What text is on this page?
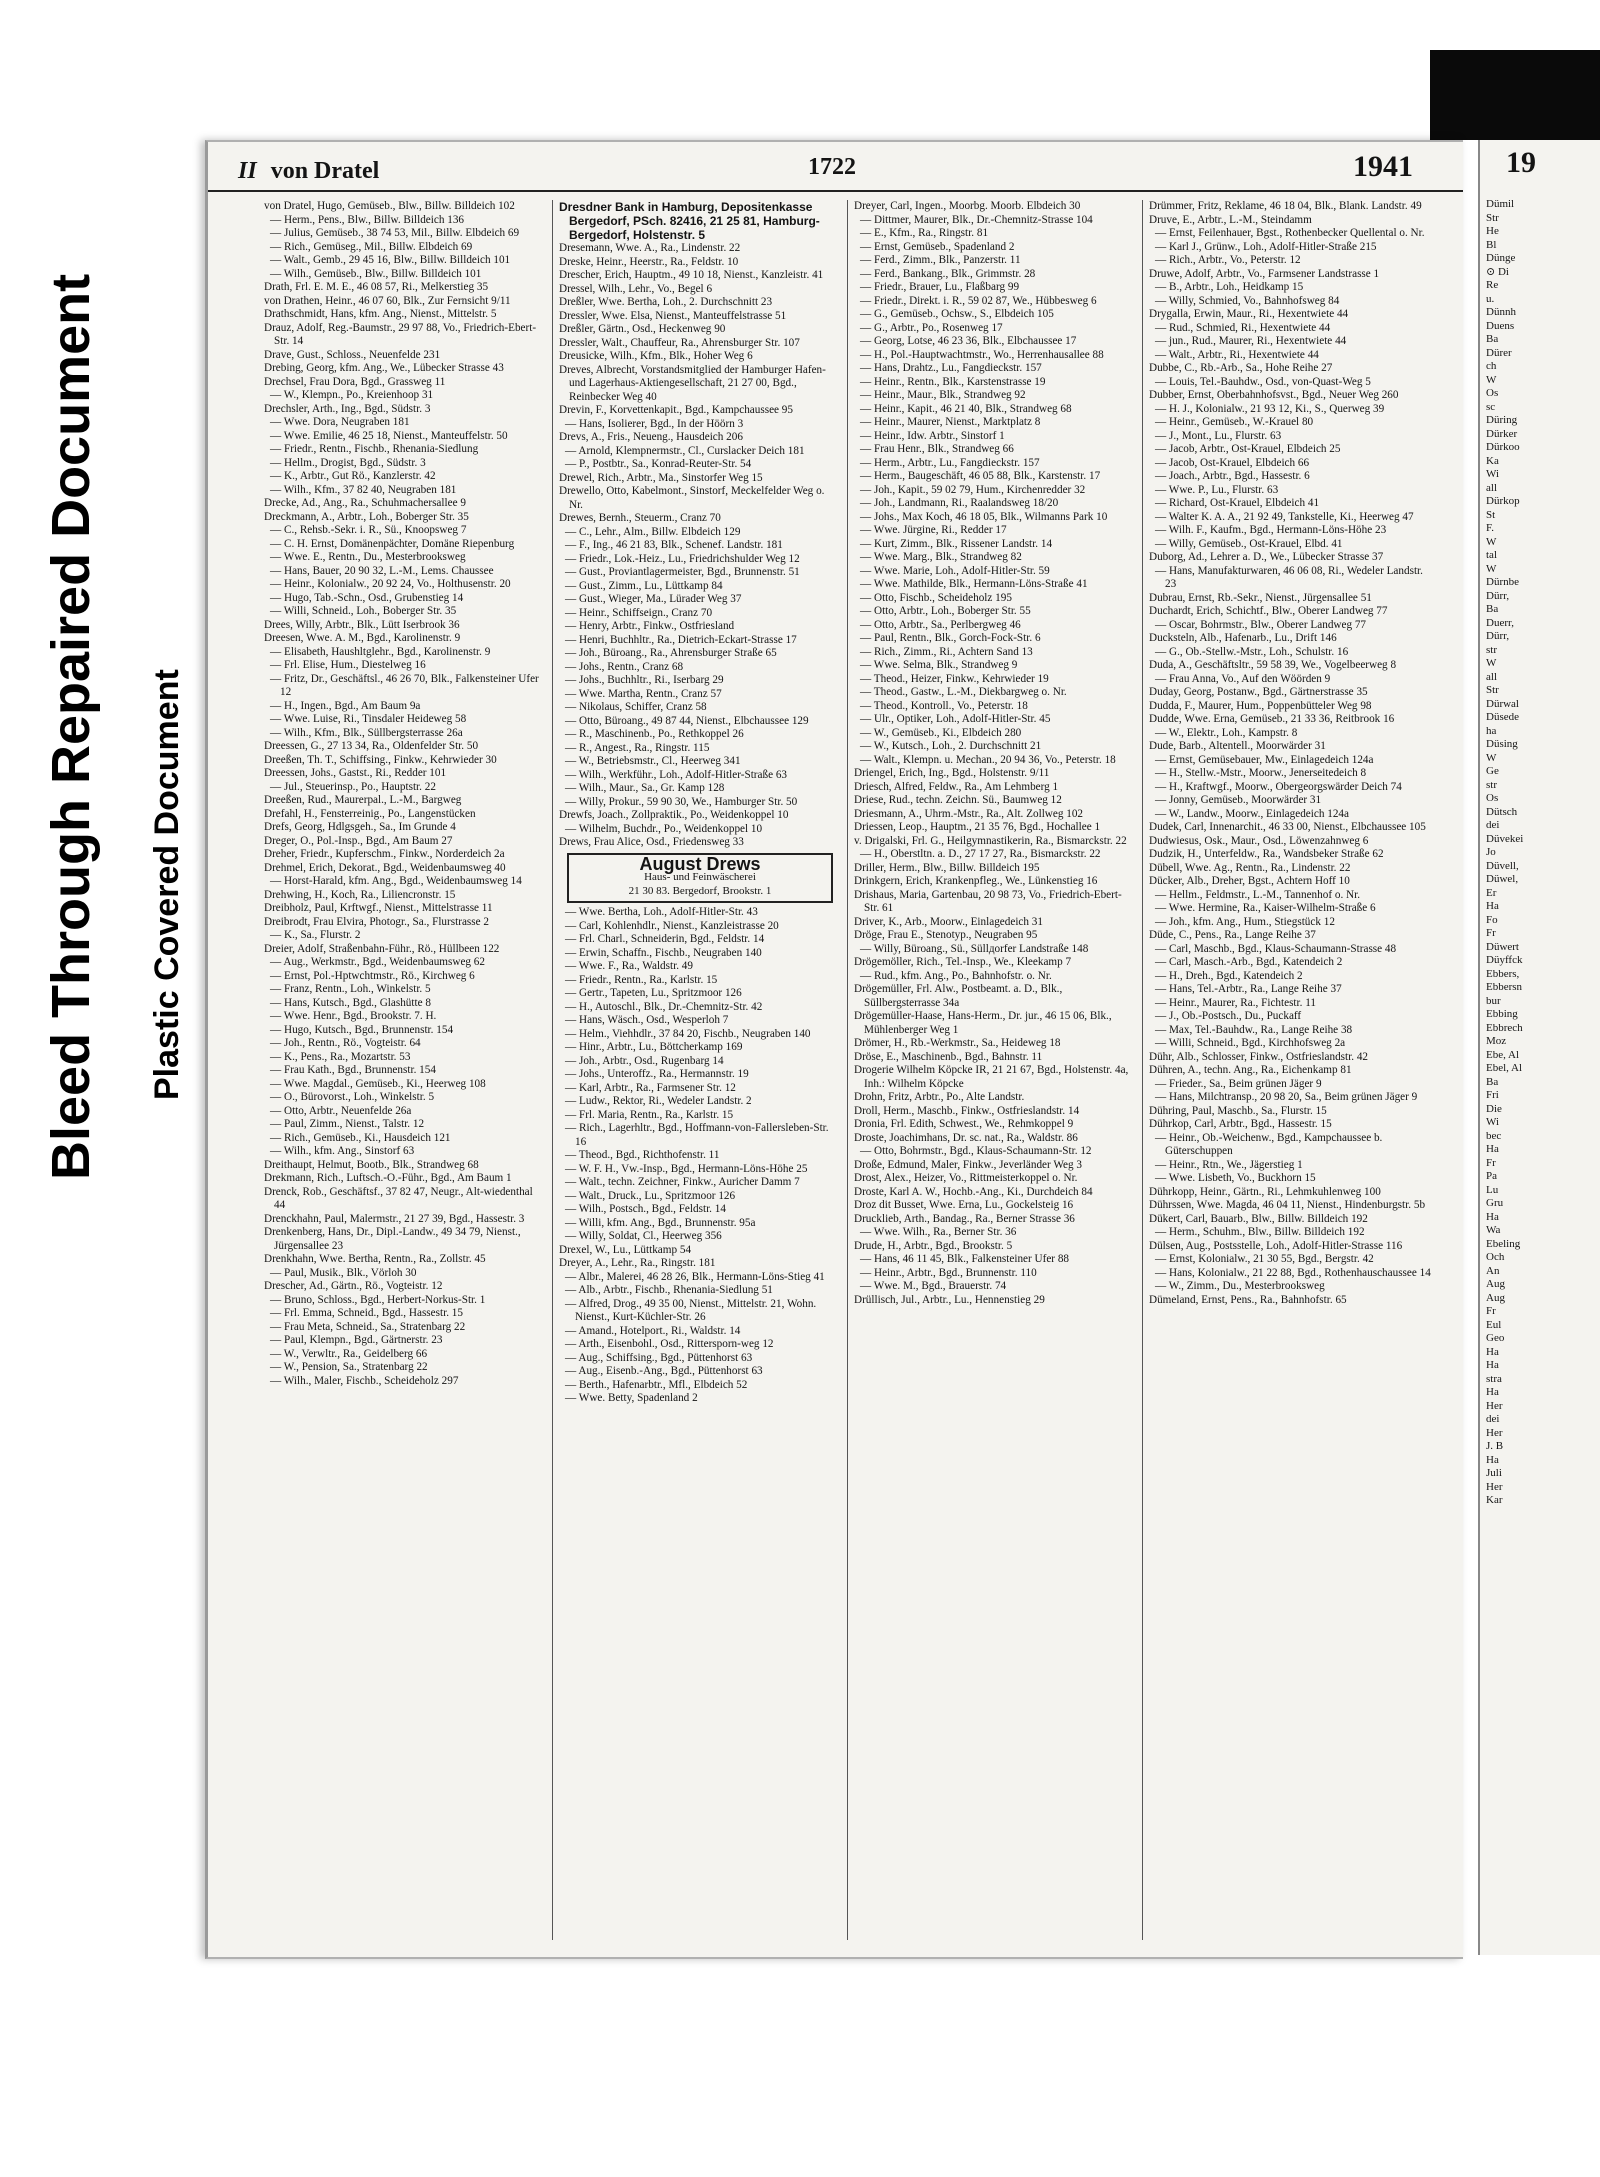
Bleed Through Repaired Document Plastic Covered Document
II von Dratel	1722	1941

von Dratel, Hugo, Gemüseb., Blw., Billw. Billdeich 102

— Herm., Pens., Blw., Billw. Billdeich 136

— Julius, Gemüseb., 38 74 53, Mil., Billw. Elbdeich 69

— Rich., Gemüseg., Mil., Billw. Elbdeich 69

— Walt., Gemb., 29 45 16, Blw., Billw. Billdeich 101

— Wilh., Gemüseb., Blw., Billw. Billdeich 101

Drath, Frl. E. M. E., 46 08 57, Ri., Melkerstieg 35

von Drathen, Heinr., 46 07 60, Blk., Zur Fernsicht 9/11

Drathschmidt, Hans, kfm. Ang., Nienst., Mittelstr. 5

Drauz, Adolf, Reg.-Baumstr., 29 97 88, Vo., Friedrich-Ebert-Str. 14

Drave, Gust., Schloss., Neuenfelde 231

Drebing, Georg, kfm. Ang., We., Lübecker Strasse 43

Drechsel, Frau Dora, Bgd., Grassweg 11

— W., Klempn., Po., Kreienhoop 31

Drechsler, Arth., Ing., Bgd., Südstr. 3

— Wwe. Dora, Neugraben 181

— Wwe. Emilie, 46 25 18, Nienst., Manteuffelstr. 50

— Friedr., Rentn., Fischb., Rhenania-Siedlung

— Hellm., Drogist, Bgd., Südstr. 3

— K., Arbtr., Gut Rö., Kanzlerstr. 42

— Wilh., Kfm., 37 82 40, Neugraben 181

Drecke, Ad., Ang., Ra., Schuhmachersallee 9

Dreckmann, A., Arbtr., Loh., Boberger Str. 35

— C., Rehsb.-Sekr. i. R., Sü., Knoopsweg 7

— C. H. Ernst, Domänenpächter, Domäne Riepenburg

— Wwe. E., Rentn., Du., Mesterbrooksweg

— Hans, Bauer, 20 90 32, L.-M., Lems. Chaussee

— Heinr., Kolonialw., 20 92 24, Vo., Holthusenstr. 20

— Hugo, Tab.-Schn., Osd., Grubenstieg 14

— Willi, Schneid., Loh., Boberger Str. 35

Drees, Willy, Arbtr., Blk., Lütt Iserbrook 36

Dreesen, Wwe. A. M., Bgd., Karolinenstr. 9

— Elisabeth, Haushltglehr., Bgd., Karolinenstr. 9

— Frl. Elise, Hum., Diestelweg 16

— Fritz, Dr., Geschäftsl., 46 26 70, Blk., Falkensteiner Ufer 12

— H., Ingen., Bgd., Am Baum 9a

— Wwe. Luise, Ri., Tinsdaler Heideweg 58

— Wilh., Kfm., Blk., Süllbergsterrasse 26a

Dreessen, G., 27 13 34, Ra., Oldenfelder Str. 50

Dreeßen, Th. T., Schiffsing., Finkw., Kehrwieder 30

Dreessen, Johs., Gastst., Ri., Redder 101

— Jul., Steuerinsp., Po., Hauptstr. 22

Dreeßen, Rud., Maurerpal., L.-M., Bargweg

Drefahl, H., Fensterreinig., Po., Langenstücken

Drefs, Georg, Hdlgsgeh., Sa., Im Grunde 4

Dreger, O., Pol.-Insp., Bgd., Am Baum 27

Dreher, Friedr., Kupferschm., Finkw., Norderdeich 2a

Drehmel, Erich, Dekorat., Bgd., Weidenbaumsweg 40

— Horst-Harald, kfm. Ang., Bgd., Weidenbaumsweg 14

Drehwing, H., Koch, Ra., Liliencronstr. 15

Dreibholz, Paul, Krftwgf., Nienst., Mittelstrasse 11

Dreibrodt, Frau Elvira, Photogr., Sa., Flurstrasse 2

— K., Sa., Flurstr. 2

Dreier, Adolf, Straßenbahn-Führ., Rö., Hüllbeen 122

— Aug., Werkmstr., Bgd., Weidenbaumsweg 62

— Ernst, Pol.-Hptwchtmstr., Rö., Kirchweg 6

— Franz, Rentn., Loh., Winkelstr. 5

— Hans, Kutsch., Bgd., Glashütte 8

— Wwe. Henr., Bgd., Brookstr. 7. H.

— Hugo, Kutsch., Bgd., Brunnenstr. 154

— Joh., Rentn., Rö., Vogteistr. 64

— K., Pens., Ra., Mozartstr. 53

— Frau Kath., Bgd., Brunnenstr. 154

— Wwe. Magdal., Gemüseb., Ki., Heerweg 108

— O., Bürovorst., Loh., Winkelstr. 5

— Otto, Arbtr., Neuenfelde 26a

— Paul, Zimm., Nienst., Talstr. 12

— Rich., Gemüseb., Ki., Hausdeich 121

— Wilh., kfm. Ang., Sinstorf 63

Dreithaupt, Helmut, Bootb., Blk., Strandweg 68

Drekmann, Rich., Luftsch.-O.-Führ., Bgd., Am Baum 1

Drenck, Rob., Geschäftsf., 37 82 47, Neugr., Alt-wiedenthal 44

Drenckhahn, Paul, Malermstr., 21 27 39, Bgd., Hassestr. 3

Drenkenberg, Hans, Dr., Dipl.-Landw., 49 34 79, Nienst., Jürgensallee 23

Drenkhahn, Wwe. Bertha, Rentn., Ra., Zollstr. 45

— Paul, Musik., Blk., Vörloh 30

Drescher, Ad., Gärtn., Rö., Vogteistr. 12

— Bruno, Schloss., Bgd., Herbert-Norkus-Str. 1

— Frl. Emma, Schneid., Bgd., Hassestr. 15

— Frau Meta, Schneid., Sa., Stratenbarg 22

— Paul, Klempn., Bgd., Gärtnerstr. 23

— W., Verwltr., Ra., Geidelberg 66

— W., Pension, Sa., Stratenbarg 22

— Wilh., Maler, Fischb., Scheideholz 297

Dresdner Bank in Hamburg, Depositenkasse Bergedorf, PSch. 82416, 21 25 81, Hamburg-Bergedorf, Holstenstr. 5

Dresemann, Wwe. A., Ra., Lindenstr. 22

Dreske, Heinr., Heerstr., Ra., Feldstr. 10

Drescher, Erich, Hauptm., 49 10 18, Nienst., Kanzleistr. 41

Dressel, Wilh., Lehr., Vo., Begel 6

Dreßler, Wwe. Bertha, Loh., 2. Durchschnitt 23

Dressler, Wwe. Elsa, Nienst., Manteuffelstrasse 51

Dreßler, Gärtn., Osd., Heckenweg 90

Dressler, Walt., Chauffeur, Ra., Ahrensburger Str. 107

Dreusicke, Wilh., Kfm., Blk., Hoher Weg 6

Dreves, Albrecht, Vorstandsmitglied der Hamburger Hafen- und Lagerhaus-Aktiengesellschaft, 21 27 00, Bgd., Reinbecker Weg 40

Drevin, F., Korvettenkapit., Bgd., Kampchaussee 95

— Hans, Isolierer, Bgd., In der Höörn 3

Drevs, A., Fris., Neueng., Hausdeich 206

— Arnold, Klempnermstr., Cl., Curslacker Deich 181

— P., Postbtr., Sa., Konrad-Reuter-Str. 54

Drewel, Rich., Arbtr., Ma., Sinstorfer Weg 15

Drewello, Otto, Kabelmont., Sinstorf, Meckelfelder Weg o. Nr.

Drewes, Bernh., Steuerm., Cranz 70

— C., Lehr., Alm., Billw. Elbdeich 129

— F., Ing., 46 21 83, Blk., Schenef. Landstr. 181

— Friedr., Lok.-Heiz., Lu., Friedrichshulder Weg 12

— Gust., Proviantlagermeister, Bgd., Brunnenstr. 51

— Gust., Zimm., Lu., Lüttkamp 84

— Gust., Wieger, Ma., Lürader Weg 37

— Heinr., Schiffseign., Cranz 70

— Henry, Arbtr., Finkw., Ostfriesland

— Henri, Buchhltr., Ra., Dietrich-Eckart-Strasse 17

— Joh., Büroang., Ra., Ahrensburger Straße 65

— Johs., Rentn., Cranz 68

— Johs., Buchhltr., Ri., Iserbarg 29

— Wwe. Martha, Rentn., Cranz 57

— Nikolaus, Schiffer, Cranz 58

— Otto, Büroang., 49 87 44, Nienst., Elbchaussee 129

— R., Maschinenb., Po., Rethkoppel 26

— R., Angest., Ra., Ringstr. 115

— W., Betriebsmstr., Cl., Heerweg 341

— Wilh., Werkführ., Loh., Adolf-Hitler-Straße 63

— Wilh., Maur., Sa., Gr. Kamp 128

— Willy, Prokur., 59 90 30, We., Hamburger Str. 50

Drewfs, Joach., Zollpraktik., Po., Weidenkoppel 10

— Wilhelm, Buchdr., Po., Weidenkoppel 10

Drews, Frau Alice, Osd., Friedensweg 33

August Drews
Haus- und Feinwäscherei
21 30 83. Bergedorf, Brookstr. 1

— Wwe. Bertha, Loh., Adolf-Hitler-Str. 43

— Carl, Kohlenhdlr., Nienst., Kanzleistrasse 20

— Frl. Charl., Schneiderin, Bgd., Feldstr. 14

— Erwin, Schaffn., Fischb., Neugraben 140

— Wwe. F., Ra., Waldstr. 49

— Friedr., Rentn., Ra., Karlstr. 15

— Gertr., Tapeten, Lu., Spritzmoor 126

— H., Autoschl., Blk., Dr.-Chemnitz-Str. 42

— Hans, Wäsch., Osd., Wesperloh 7

— Helm., Viehhdlr., 37 84 20, Fischb., Neugraben 140

— Hinr., Arbtr., Lu., Böttcherkamp 169

— Joh., Arbtr., Osd., Rugenbarg 14

— Johs., Unteroffz., Ra., Hermannstr. 19

— Karl, Arbtr., Ra., Farmsener Str. 12

— Ludw., Rektor, Ri., Wedeler Landstr. 2

— Frl. Maria, Rentn., Ra., Karlstr. 15

— Rich., Lagerhltr., Bgd., Hoffmann-von-Fallersleben-Str. 16

— Theod., Bgd., Richthofenstr. 11

— W. F. H., Vw.-Insp., Bgd., Hermann-Löns-Höhe 25

— Walt., techn. Zeichner, Finkw., Auricher Damm 7

— Walt., Druck., Lu., Spritzmoor 126

— Wilh., Postsch., Bgd., Feldstr. 14

— Willi, kfm. Ang., Bgd., Brunnenstr. 95a

— Willy, Soldat, Cl., Heerweg 356

Drexel, W., Lu., Lüttkamp 54

Dreyer, A., Lehr., Ra., Ringstr. 181

— Albr., Malerei, 46 28 26, Blk., Hermann-Löns-Stieg 41

— Alb., Arbtr., Fischb., Rhenania-Siedlung 51

— Alfred, Drog., 49 35 00, Nienst., Mittelstr. 21, Wohn. Nienst., Kurt-Küchler-Str. 26

— Amand., Hotelport., Ri., Waldstr. 14

— Arth., Eisenbohl., Osd., Rittersporn-weg 12

— Aug., Schiffsing., Bgd., Püttenhorst 63

— Aug., Eisenb.-Ang., Bgd., Püttenhorst 63

— Berth., Hafenarbtr., Mfl., Elbdeich 52

— Wwe. Betty, Spadenland 2

Dreyer, Carl, Ingen., Moorbg. Moorb. Elbdeich 30

— Dittmer, Maurer, Blk., Dr.-Chemnitz-Strasse 104

— E., Kfm., Ra., Ringstr. 81

— Ernst, Gemüseb., Spadenland 2

— Ferd., Zimm., Blk., Panzerstr. 11

— Ferd., Bankang., Blk., Grimmstr. 28

— Friedr., Brauer, Lu., Flaßbarg 99

— Friedr., Direkt. i. R., 59 02 87, We., Hübbesweg 6

— G., Gemüseb., Ochsw., S., Elbdeich 105

— G., Arbtr., Po., Rosenweg 17

— Georg, Lotse, 46 23 36, Blk., Elbchaussee 17

— H., Pol.-Hauptwachtmstr., Wo., Herrenhausallee 88

— Hans, Drahtz., Lu., Fangdieckstr. 157

— Heinr., Rentn., Blk., Karstenstrasse 19

— Heinr., Maur., Blk., Strandweg 92

— Heinr., Kapit., 46 21 40, Blk., Strandweg 68

— Heinr., Maurer, Nienst., Marktplatz 8

— Heinr., Idw. Arbtr., Sinstorf 1

— Frau Henr., Blk., Strandweg 66

— Herm., Arbtr., Lu., Fangdieckstr. 157

— Herm., Baugeschäft, 46 05 88, Blk., Karstenstr. 17

— Joh., Kapit., 59 02 79, Hum., Kirchenredder 32

— Joh., Landmann, Ri., Raalandsweg 18/20

— Johs., Max Koch, 46 18 05, Blk., Wilmanns Park 10

— Wwe. Jürgine, Ri., Redder 17

— Kurt, Zimm., Blk., Rissener Landstr. 14

— Wwe. Marg., Blk., Strandweg 82

— Wwe. Marie, Loh., Adolf-Hitler-Str. 59

— Wwe. Mathilde, Blk., Hermann-Löns-Straße 41

— Otto, Fischb., Scheideholz 195

— Otto, Arbtr., Loh., Boberger Str. 55

— Otto, Arbtr., Sa., Perlbergweg 46

— Paul, Rentn., Blk., Gorch-Fock-Str. 6

— Rich., Zimm., Ri., Achtern Sand 13

— Wwe. Selma, Blk., Strandweg 9

— Theod., Heizer, Finkw., Kehrwieder 19

— Theod., Gastw., L.-M., Diekbargweg o. Nr.

— Theod., Kontroll., Vo., Peterstr. 18

— Ulr., Optiker, Loh., Adolf-Hitler-Str. 45

— W., Gemüseb., Ki., Elbdeich 280

— W., Kutsch., Loh., 2. Durchschnitt 21

— Walt., Klempn. u. Mechan., 20 94 36, Vo., Peterstr. 18

Driengel, Erich, Ing., Bgd., Holstenstr. 9/11

Driesch, Alfred, Feldw., Ra., Am Lehmberg 1

Driese, Rud., techn. Zeichn. Sü., Baumweg 12

Driesmann, A., Uhrm.-Mstr., Ra., Alt. Zollweg 102

Driessen, Leop., Hauptm., 21 35 76, Bgd., Hochallee 1

v. Drigalski, Frl. G., Heilgymnastikerin, Ra., Bismarckstr. 22

— H., Oberstltn. a. D., 27 17 27, Ra., Bismarckstr. 22

Driller, Herm., Blw., Billw. Billdeich 195

Drinkgern, Erich, Krankenpfleg., We., Lünkenstieg 16

Drishaus, Maria, Gartenbau, 20 98 73, Vo., Friedrich-Ebert-Str. 61

Driver, K., Arb., Moorw., Einlagedeich 31

Dröge, Frau E., Stenotyp., Neugraben 95

— Willy, Büroang., Sü., Süllдorfer Landstraße 148

Drögemöller, Rich., Tel.-Insp., We., Kleekamp 7

— Rud., kfm. Ang., Po., Bahnhofstr. o. Nr.

Drögemüller, Frl. Alw., Postbeamt. a. D., Blk., Süllbergsterrasse 34a

Drögemüller-Haase, Hans-Herm., Dr. jur., 46 15 06, Blk., Mühlenberger Weg 1

Drömer, H., Rb.-Werkmstr., Sa., Heideweg 18

Dröse, E., Maschinenb., Bgd., Bahnstr. 11

Drogerie Wilhelm Köpcke IR, 21 21 67, Bgd., Holstenstr. 4a, Inh.: Wilhelm Köpcke

Drohn, Fritz, Arbtr., Po., Alte Landstr.

Droll, Herm., Maschb., Finkw., Ostfrieslandstr. 14

Dronia, Frl. Edith, Schwest., We., Rehmkoppel 9

Droste, Joachimhans, Dr. sc. nat., Ra., Waldstr. 86

— Otto, Bohrmstr., Bgd., Klaus-Schaumann-Str. 12

Droße, Edmund, Maler, Finkw., Jeverländer Weg 3

Drost, Alex., Heizer, Vo., Rittmeisterkoppel o. Nr.

Droste, Karl A. W., Hochb.-Ang., Ki., Durchdeich 84

Droz dit Busset, Wwe. Erna, Lu., Gockelsteig 16

Drucklieb, Arth., Bandag., Ra., Berner Strasse 36

— Wwe. Wilh., Ra., Berner Str. 36

Drude, H., Arbtr., Bgd., Brookstr. 5

— Hans, 46 11 45, Blk., Falkensteiner Ufer 88

— Heinr., Arbtr., Bgd., Brunnenstr. 110

— Wwe. M., Bgd., Brauerstr. 74

Drüllisch, Jul., Arbtr., Lu., Hennenstieg 29

Drümmer, Fritz, Reklame, 46 18 04, Blk., Blank. Landstr. 49

Druve, E., Arbtr., L.-M., Steindamm

— Ernst, Feilenhauer, Bgst., Rothenbecker Quellental o. Nr.

— Karl J., Grünw., Loh., Adolf-Hitler-Straße 215

— Rich., Arbtr., Vo., Peterstr. 12

Druwe, Adolf, Arbtr., Vo., Farmsener Landstrasse 1

— B., Arbtr., Loh., Heidkamp 15

— Willy, Schmied, Vo., Bahnhofsweg 84

Drygalla, Erwin, Maur., Ri., Hexentwiete 44

— Rud., Schmied, Ri., Hexentwiete 44

— jun., Rud., Maurer, Ri., Hexentwiete 44

— Walt., Arbtr., Ri., Hexentwiete 44

Dubbe, C., Rb.-Arb., Sa., Hohe Reihe 27

— Louis, Tel.-Bauhdw., Osd., von-Quast-Weg 5

Dubber, Ernst, Oberbahnhofsvst., Bgd., Neuer Weg 260

— H. J., Kolonialw., 21 93 12, Ki., S., Querweg 39

— Heinr., Gemüseb., W.-Krauel 80

— J., Mont., Lu., Flurstr. 63

— Jacob, Arbtr., Ost-Krauel, Elbdeich 25

— Jacob, Ost-Krauel, Elbdeich 66

— Joach., Arbtr., Bgd., Hassestr. 6

— Wwe. P., Lu., Flurstr. 63

— Richard, Ost-Krauel, Elbdeich 41

— Walter K. A. A., 21 92 49, Tankstelle, Ki., Heerweg 47

— Wilh. F., Kaufm., Bgd., Hermann-Löns-Höhe 23

— Willy, Gemüseb., Ost-Krauel, Elbd. 41

Duborg, Ad., Lehrer a. D., We., Lübecker Strasse 37

— Hans, Manufakturwaren, 46 06 08, Ri., Wedeler Landstr. 23

Dubrau, Ernst, Rb.-Sekr., Nienst., Jürgensallee 51

Duchardt, Erich, Schichtf., Blw., Oberer Landweg 77

— Oscar, Bohrmstr., Blw., Oberer Landweg 77

Ducksteln, Alb., Hafenarb., Lu., Drift 146

— G., Ob.-Stellw.-Mstr., Loh., Schulstr. 16

Duda, A., Geschäftsltr., 59 58 39, We., Vogelbeerweg 8

— Frau Anna, Vo., Auf den Wöörden 9

Duday, Georg, Postanw., Bgd., Gärtnerstrasse 35

Dudda, F., Maurer, Hum., Poppenbütteler Weg 98

Dudde, Wwe. Erna, Gemüseb., 21 33 36, Reitbrook 16

— W., Elektr., Loh., Kampstr. 8

Dude, Barb., Altentell., Moorwärder 31

— Ernst, Gemüsebauer, Mw., Einlagedeich 124a

— H., Stellw.-Mstr., Moorw., Jenerseitedeich 8

— H., Kraftwgf., Moorw., Obergeorgswärder Deich 74

— Jonny, Gemüseb., Moorwärder 31

— W., Landw., Moorw., Einlagedeich 124a

Dudek, Carl, Innenarchit., 46 33 00, Nienst., Elbchaussee 105

Dudwiesus, Osk., Maur., Osd., Löwenzahnweg 6

Dudzik, H., Unterfeldw., Ra., Wandsbeker Straße 62

Dübell, Wwe. Ag., Rentn., Ra., Lindenstr. 22

Dücker, Alb., Dreher, Bgst., Achtern Hoff 10

— Hellm., Feldmstr., L.-M., Tannenhof o. Nr.

— Wwe. Hermine, Ra., Kaiser-Wilhelm-Straße 6

— Joh., kfm. Ang., Hum., Stiegstück 12

Düde, C., Pens., Ra., Lange Reihe 37

— Carl, Maschb., Bgd., Klaus-Schaumann-Strasse 48

— Carl, Masch.-Arb., Bgd., Katendeich 2

— H., Dreh., Bgd., Katendeich 2

— Hans, Tel.-Arbtr., Ra., Lange Reihe 37

— Heinr., Maurer, Ra., Fichtestr. 11

— J., Ob.-Postsch., Du., Puckaff

— Max, Tel.-Bauhdw., Ra., Lange Reihe 38

— Willi, Schneid., Bgd., Kirchhofsweg 2a

Dühr, Alb., Schlosser, Finkw., Ostfrieslandstr. 42

Dühren, A., techn. Ang., Ra., Eichenkamp 81

— Frieder., Sa., Beim grünen Jäger 9

— Hans, Milchtransp., 20 98 20, Sa., Beim grünen Jäger 9

Dühring, Paul, Maschb., Sa., Flurstr. 15

Dührkop, Carl, Arbtr., Bgd., Hassestr. 15

— Heinr., Ob.-Weichenw., Bgd., Kampchaussee b. Güterschuppen

— Heinr., Rtn., We., Jägerstieg 1

— Wwe. Lisbeth, Vo., Buckhorn 15

Dührkopp, Heinr., Gärtn., Ri., Lehmkuhlenweg 100

Dührssen, Wwe. Magda, 46 04 11, Nienst., Hindenburgstr. 5b

Dükert, Carl, Bauarb., Blw., Billw. Billdeich 192

— Herm., Schuhm., Blw., Billw. Billdeich 192

Dülsen, Aug., Postsstelle, Loh., Adolf-Hitler-Strasse 116

— Ernst, Kolonialw., 21 30 55, Bgd., Bergstr. 42

— Hans, Kolonialw., 21 22 88, Bgd., Rothenhauschaussee 14

— W., Zimm., Du., Mesterbrooksweg

Dümeland, Ernst, Pens., Ra., Bahnhofstr. 65

19
Dümil
Str
He
Bl
Dünge
⊙ Di
Re
u.
Dünnh
Duens
Ba
Dürer
ch
W
Os
sc
Düring
Dürker
Dürkoo
Ka
Wi
all
Dürkop
St
F.
W
tal
W
Dürnbe
Dürr,
Ba
Duerr,
Dürr,
str
W
all
Str
Dürwal
Düsede
ha
Düsing
W
Ge
str
Os
Dütsch
dei
Düvekei
Jo
Düvell,
Düwel,
Er
Ha
Fo
Fr
Düwert
Düyffck
Ebbers,
Ebbersn
bur
Ebbing
Ebbrech
Moz
Ebe, Al
Ebel, Al
Ba
Fri
Die
Wi
bec
Ha
Fr
Pa
Lu
Gru
Ha
Wa
Ebeling
Och
An
Aug
Aug
Fr
Eul
Geo
Ha
Ha
stra
Ha
Her
dei
Her
J. B
Ha
Juli
Her
Kar
